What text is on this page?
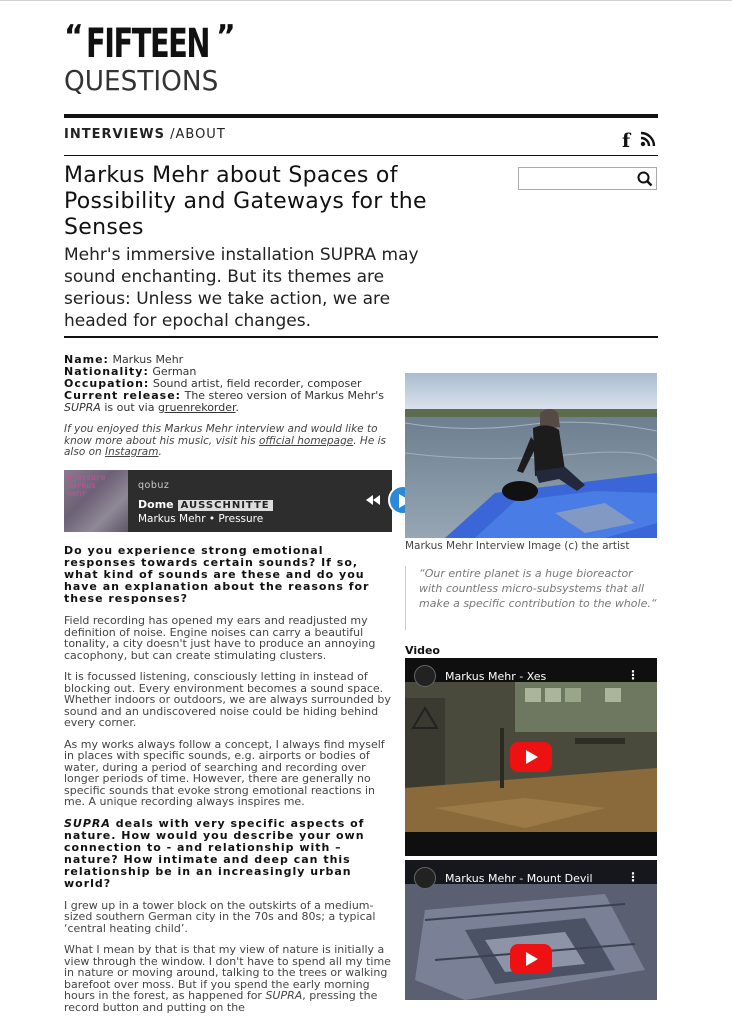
“ FIFTEEN ”
QUESTIONS
INTERVIEWS /ABOUT	f
Markus Mehr about Spaces of Possibility and Gateways for the Senses

Mehr's immersive installation SUPRA may sound enchanting. But its themes are serious: Unless we take action, we are headed for epochal changes.

Name: Markus Mehr
Nationality: German
Occupation: Sound artist, field recorder, composer
Current release: The stereo version of Markus Mehr's SUPRA is out via gruenrekorder.
If you enjoyed this Markus Mehr interview and would like to know more about his music, visit his official homepage. He is also on Instagram.
pressure
markus
mehr
qobuz
Dome AUSSCHNITTE
Markus Mehr • Pressure
Do you experience strong emotional responses towards certain sounds? If so, what kind of sounds are these and do you have an explanation about the reasons for these responses?
Field recording has opened my ears and readjusted my definition of noise. Engine noises can carry a beautiful tonality, a city doesn't just have to produce an annoying cacophony, but can create stimulating clusters.
It is focussed listening, consciously letting in instead of blocking out. Every environment becomes a sound space. Whether indoors or outdoors, we are always surrounded by sound and an undiscovered noise could be hiding behind every corner.
As my works always follow a concept, I always find myself in places with specific sounds, e.g. airports or bodies of water, during a period of searching and recording over longer periods of time. However, there are generally no specific sounds that evoke strong emotional reactions in me. A unique recording always inspires me.
SUPRA deals with very specific aspects of nature. How would you describe your own connection to - and relationship with – nature? How intimate and deep can this relationship be in an increasingly urban world?
I grew up in a tower block on the outskirts of a medium-sized southern German city in the 70s and 80s; a typical ‘central heating child’.
What I mean by that is that my view of nature is initially a view through the window. I don't have to spend all my time in nature or moving around, talking to the trees or walking barefoot over moss. But if you spend the early morning hours in the forest, as happened for SUPRA, pressing the record button and putting on the
Markus Mehr Interview Image (c) the artist
“Our entire planet is a huge bioreactor with countless micro-subsystems that all make a specific contribution to the whole.“
Video
Markus Mehr - Xes	⋮
Markus Mehr - Mount Devil	⋮
